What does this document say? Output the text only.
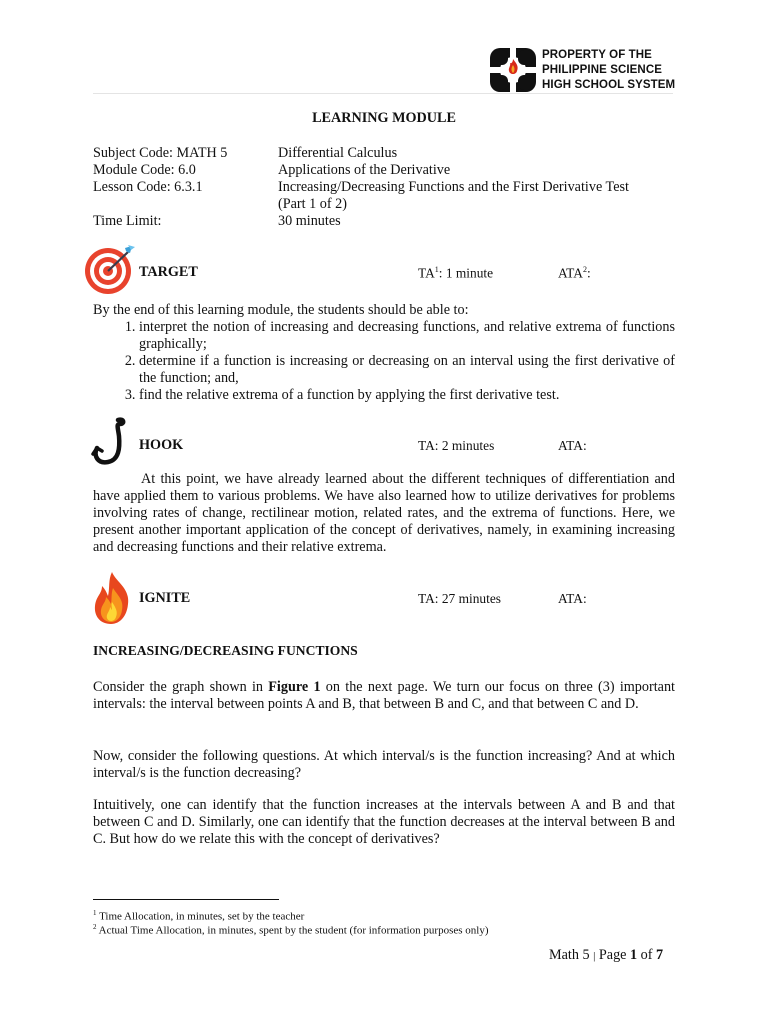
PROPERTY OF THE
PHILIPPINE SCIENCE
HIGH SCHOOL SYSTEM
LEARNING MODULE
Subject Code: MATH 5	Differential Calculus
Module Code: 6.0	Applications of the Derivative
Lesson Code: 6.3.1	Increasing/Decreasing Functions and the First Derivative Test
(Part 1 of 2)
Time Limit:	30 minutes
TARGET	$TA^1$: 1 minute	ATA$^2$:
By the end of this learning module, the students should be able to:
1. interpret the notion of increasing and decreasing functions, and relative extrema of functions graphically;
2. determine if a function is increasing or decreasing on an interval using the first derivative of the function; and,
3. find the relative extrema of a function by applying the first derivative test.
HOOK	TA: 2 minutes	ATA:
At this point, we have already learned about the different techniques of differentiation and have applied them to various problems. We have also learned how to utilize derivatives for problems involving rates of change, rectilinear motion, related rates, and the extrema of functions. Here, we present another important application of the concept of derivatives, namely, in examining increasing and decreasing functions and their relative extrema.
IGNITE	TA: 27 minutes	ATA:
INCREASING/DECREASING FUNCTIONS
Consider the graph shown in Figure 1 on the next page. We turn our focus on three (3) important intervals: the interval between points A and B, that between B and C, and that between C and D.
Now, consider the following questions. At which interval/s is the function increasing? And at which interval/s is the function decreasing?
Intuitively, one can identify that the function increases at the intervals between A and B and that between C and D. Similarly, one can identify that the function decreases at the interval between B and C. But how do we relate this with the concept of derivatives?
$^1$ Time Allocation, in minutes, set by the teacher
$^2$ Actual Time Allocation, in minutes, spent by the student (for information purposes only)
Math 5 | Page 1 of 7
